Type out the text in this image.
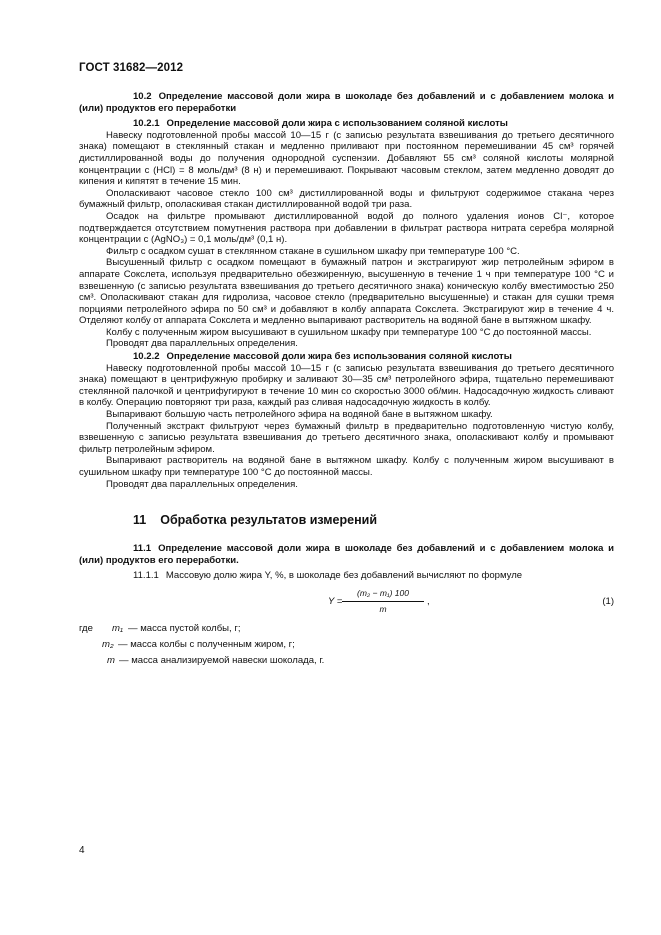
ГОСТ 31682—2012

10.2 Определение массовой доли жира в шоколаде без добавлений и с добавлением молока и (или) продуктов его переработки

10.2.1 Определение массовой доли жира с использованием соляной кислоты

Навеску подготовленной пробы массой 10—15 г (с записью результата взвешивания до третьего десятичного знака) помещают в стеклянный стакан и медленно приливают при постоянном перемешивании 45 см³ горячей дистиллированной воды до получения однородной суспензии. Добавляют 55 см³ соляной кислоты молярной концентрации с (HCl) = 8 моль/дм³ (8 н) и перемешивают. Покрывают часовым стеклом, затем медленно доводят до кипения и кипятят в течение 15 мин.

Ополаскивают часовое стекло 100 см³ дистиллированной воды и фильтруют содержимое стакана через бумажный фильтр, ополаскивая стакан дистиллированной водой три раза.

Осадок на фильтре промывают дистиллированной водой до полного удаления ионов Cl⁻, которое подтверждается отсутствием помутнения раствора при добавлении в фильтрат раствора нитрата серебра молярной концентрации с (AgNO₃) = 0,1 моль/дм³ (0,1 н).

Фильтр с осадком сушат в стеклянном стакане в сушильном шкафу при температуре 100 °С.

Высушенный фильтр с осадком помещают в бумажный патрон и экстрагируют жир петролейным эфиром в аппарате Сокслета, используя предварительно обезжиренную, высушенную в течение 1 ч при температуре 100 °С и взвешенную (с записью результата взвешивания до третьего десятичного знака) коническую колбу вместимостью 250 см³. Ополаскивают стакан для гидролиза, часовое стекло (предварительно высушенные) и стакан для сушки тремя порциями петролейного эфира по 50 см³ и добавляют в колбу аппарата Сокслета. Экстрагируют жир в течение 4 ч. Отделяют колбу от аппарата Сокслета и медленно выпаривают растворитель на водяной бане в вытяжном шкафу.

Колбу с полученным жиром высушивают в сушильном шкафу при температуре 100 °С до постоянной массы.

Проводят два параллельных определения.

10.2.2 Определение массовой доли жира без использования соляной кислоты

Навеску подготовленной пробы массой 10—15 г (с записью результата взвешивания до третьего десятичного знака) помещают в центрифужную пробирку и заливают 30—35 см³ петролейного эфира, тщательно перемешивают стеклянной палочкой и центрифугируют в течение 10 мин со скоростью 3000 об/мин. Надосадочную жидкость сливают в колбу. Операцию повторяют три раза, каждый раз сливая надосадочную жидкость в колбу.

Выпаривают большую часть петролейного эфира на водяной бане в вытяжном шкафу.

Полученный экстракт фильтруют через бумажный фильтр в предварительно подготовленную чистую колбу, взвешенную с записью результата взвешивания до третьего десятичного знака, ополаскивают колбу и промывают фильтр петролейным эфиром.

Выпаривают растворитель на водяной бане в вытяжном шкафу. Колбу с полученным жиром высушивают в сушильном шкафу при температуре 100 °С до постоянной массы.

Проводят два параллельных определения.

11 Обработка результатов измерений

11.1 Определение массовой доли жира в шоколаде без добавлений и с добавлением молока и (или) продуктов его переработки.

11.1.1 Массовую долю жира Y, %, в шоколаде без добавлений вычисляют по формуле

$Y = \frac{\text{(m₂ − m₁) 100}}{m}$ ,	(1)
где m₁ — масса пустой колбы, г;
m₂ — масса колбы с полученным жиром, г;
m — масса анализируемой навески шоколада, г.
4
